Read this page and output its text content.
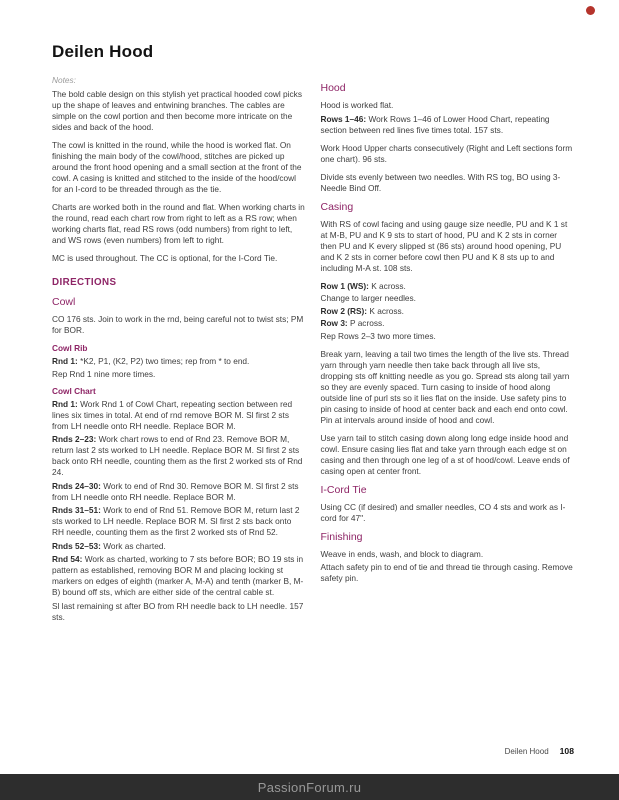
Deilen Hood
Notes:

The bold cable design on this stylish yet practical hooded cowl picks up the shape of leaves and entwining branches. The cables are simple on the cowl portion and then become more intricate on the sides and back of the hood.

The cowl is knitted in the round, while the hood is worked flat. On finishing the main body of the cowl/hood, stitches are picked up around the front hood opening and a small section at the front of the cowl. A casing is knitted and stitched to the inside of the hood/cowl for an I-cord to be threaded through as the tie.

Charts are worked both in the round and flat. When working charts in the round, read each chart row from right to left as a RS row; when working charts flat, read RS rows (odd numbers) from right to left, and WS rows (even numbers) from left to right.

MC is used throughout. The CC is optional, for the I-Cord Tie.

DIRECTIONS
Cowl

CO 176 sts. Join to work in the rnd, being careful not to twist sts; PM for BOR.

Cowl Rib

Rnd 1: *K2, P1, (K2, P2) two times; rep from * to end.

Rep Rnd 1 nine more times.

Cowl Chart

Rnd 1: Work Rnd 1 of Cowl Chart, repeating section between red lines six times in total. At end of rnd remove BOR M. Sl first 2 sts from LH needle onto RH needle. Replace BOR M.

Rnds 2–23: Work chart rows to end of Rnd 23. Remove BOR M, return last 2 sts worked to LH needle. Replace BOR M. Sl first 2 sts back onto RH needle, counting them as the first 2 worked sts of Rnd 24.

Rnds 24–30: Work to end of Rnd 30. Remove BOR M. Sl first 2 sts from LH needle onto RH needle. Replace BOR M.

Rnds 31–51: Work to end of Rnd 51. Remove BOR M, return last 2 sts worked to LH needle. Replace BOR M. Sl first 2 sts back onto RH needle, counting them as the first 2 worked sts of Rnd 52.

Rnds 52–53: Work as charted.

Rnd 54: Work as charted, working to 7 sts before BOR; BO 19 sts in pattern as established, removing BOR M and placing locking st markers on edges of eighth (marker A, M-A) and tenth (marker B, M-B) bound off sts, which are either side of the central cable st.

Sl last remaining st after BO from RH needle back to LH needle. 157 sts.

Hood

Hood is worked flat.

Rows 1–46: Work Rows 1–46 of Lower Hood Chart, repeating section between red lines five times total. 157 sts.

Work Hood Upper charts consecutively (Right and Left sections form one chart). 96 sts.

Divide sts evenly between two needles. With RS tog, BO using 3-Needle Bind Off.

Casing

With RS of cowl facing and using gauge size needle, PU and K 1 st at M-B, PU and K 9 sts to start of hood, PU and K 2 sts in corner then PU and K every slipped st (86 sts) around hood opening, PU and K 2 sts in corner before cowl then PU and K 8 sts up to and including M-A st. 108 sts.

Row 1 (WS): K across.

Change to larger needles.

Row 2 (RS): K across.

Row 3: P across.

Rep Rows 2–3 two more times.

Break yarn, leaving a tail two times the length of the live sts. Thread yarn through yarn needle then take back through all live sts, dropping sts off knitting needle as you go. Spread sts along tail yarn so they are evenly spaced. Turn casing to inside of hood along outside line of purl sts so it lies flat on the inside. Use safety pins to pin casing to inside of hood at center back and each end onto cowl. Pin at intervals around inside of hood and cowl.

Use yarn tail to stitch casing down along long edge inside hood and cowl. Ensure casing lies flat and take yarn through each edge st on casing and then through one leg of a st of hood/cowl. Leave ends of casing open at center front.

I-Cord Tie

Using CC (if desired) and smaller needles, CO 4 sts and work as I-cord for 47".

Finishing

Weave in ends, wash, and block to diagram.

Attach safety pin to end of tie and thread tie through casing. Remove safety pin.

Deilen Hood 108
PassionForum.ru
